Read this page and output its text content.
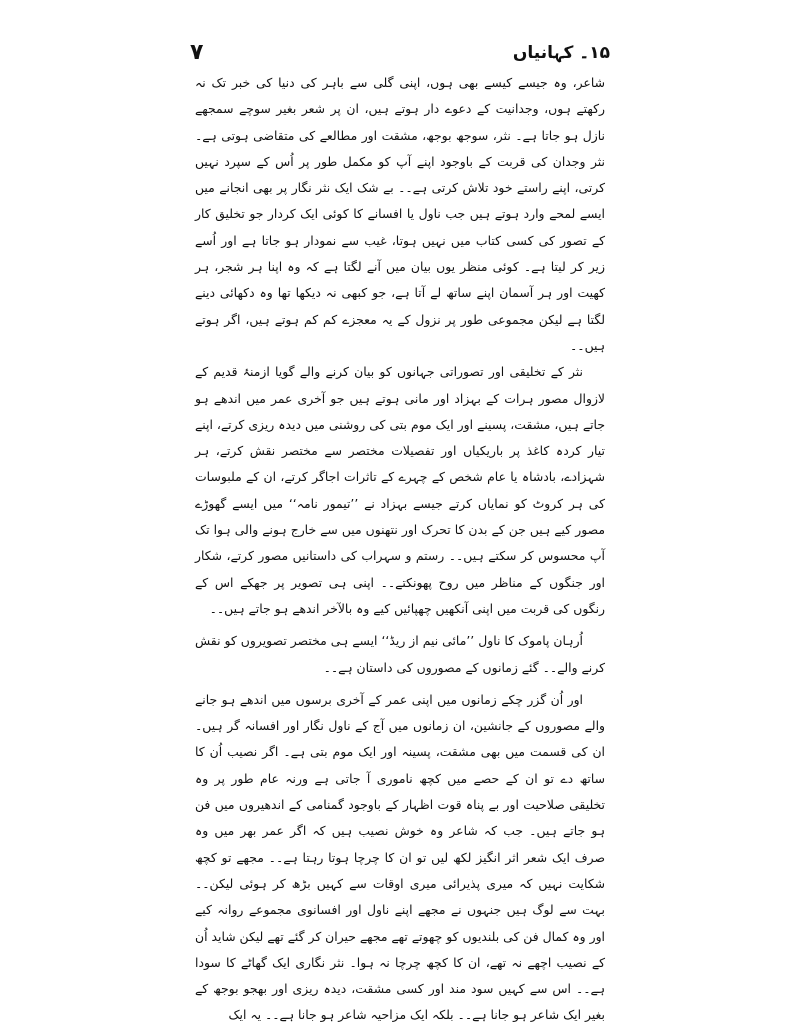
۷	۱۵۔ کہانیاں

شاعر، وہ جیسے کیسے بھی ہوں، اپنی گلی سے باہر کی دنیا کی خبر تک نہ رکھتے ہوں، وجدانیت کے دعوے دار ہوتے ہیں، ان پر شعر بغیر سوچے سمجھے نازل ہو جاتا ہے۔ نثر، سوجھ بوجھ، مشقت اور مطالعے کی متقاضی ہوتی ہے۔ نثر وجدان کی قربت کے باوجود اپنے آپ کو مکمل طور پر اُس کے سپرد نہیں کرتی، اپنے راستے خود تلاش کرتی ہے۔۔ بے شک ایک نثر نگار پر بھی انجانے میں ایسے لمحے وارد ہوتے ہیں جب ناول یا افسانے کا کوئی ایک کردار جو تخلیق کار کے تصور کی کسی کتاب میں نہیں ہوتا، غیب سے نمودار ہو جاتا ہے اور اُسے زیر کر لیتا ہے۔ کوئی منظر یوں بیان میں آنے لگتا ہے کہ وہ اپنا ہر شجر، ہر کھیت اور ہر آسمان اپنے ساتھ لے آتا ہے، جو کبھی نہ دیکھا تھا وہ دکھائی دینے لگتا ہے لیکن مجموعی طور پر نزول کے یہ معجزے کم کم ہوتے ہیں، اگر ہوتے ہیں۔۔

نثر کے تخلیقی اور تصوراتی جہانوں کو بیان کرنے والے گویا ازمنۂ قدیم کے لازوال مصور ہرات کے بہزاد اور مانی ہوتے ہیں جو آخری عمر میں اندھے ہو جاتے ہیں، مشقت، پسینے اور ایک موم بتی کی روشنی میں دیدہ ریزی کرتے، اپنے تیار کردہ کاغذ پر باریکیاں اور تفصیلات مختصر سے مختصر نقش کرتے، ہر شہزادے، بادشاہ یا عام شخص کے چہرے کے تاثرات اجاگر کرتے، ان کے ملبوسات کی ہر کروٹ کو نمایاں کرتے جیسے بہزاد نے ’’تیمور نامہ‘‘ میں ایسے گھوڑے مصور کیے ہیں جن کے بدن کا تحرک اور نتھنوں میں سے خارج ہونے والی ہوا تک آپ محسوس کر سکتے ہیں۔۔ رستم و سہراب کی داستانیں مصور کرتے، شکار اور جنگوں کے مناظر میں روح پھونکتے۔۔ اپنی ہی تصویر پر جھکے اس کے رنگوں کی قربت میں اپنی آنکھیں چھپائیں کیے وہ بالآخر اندھے ہو جاتے ہیں۔۔

اُرہان پاموک کا ناول ’’مائی نیم از ریڈ‘‘ ایسے ہی مختصر تصویروں کو نقش کرنے والے۔۔ گئے زمانوں کے مصوروں کی داستان ہے۔۔

اور اُن گزر چکے زمانوں میں اپنی عمر کے آخری برسوں میں اندھے ہو جانے والے مصوروں کے جانشین، ان زمانوں میں آج کے ناول نگار اور افسانہ گر ہیں۔ ان کی قسمت میں بھی مشقت، پسینہ اور ایک موم بتی ہے۔ اگر نصیب اُن کا ساتھ دے تو ان کے حصے میں کچھ ناموری آ جاتی ہے ورنہ عام طور پر وہ تخلیقی صلاحیت اور بے پناہ قوت اظہار کے باوجود گمنامی کے اندھیروں میں فن ہو جاتے ہیں۔ جب کہ شاعر وہ خوش نصیب ہیں کہ اگر عمر بھر میں وہ صرف ایک شعر اثر انگیز لکھ لیں تو ان کا چرچا ہوتا رہتا ہے۔۔ مجھے تو کچھ شکایت نہیں کہ میری پذیرائی میری اوقات سے کہیں بڑھ کر ہوئی لیکن۔۔ بہت سے لوگ ہیں جنہوں نے مجھے اپنے ناول اور افسانوی مجموعے روانہ کیے اور وہ کمال فن کی بلندیوں کو چھوتے تھے مجھے حیران کر گئے تھے لیکن شاید اُن کے نصیب اچھے نہ تھے، ان کا کچھ چرچا نہ ہوا۔ نثر نگاری ایک گھاٹے کا سودا ہے۔۔ اس سے کہیں سود مند اور کسی مشقت، دیدہ ریزی اور بھجو بوجھ کے بغیر ایک شاعر ہو جانا ہے۔۔ بلکہ ایک مزاحیہ شاعر ہو جانا ہے۔۔ یہ ایک
